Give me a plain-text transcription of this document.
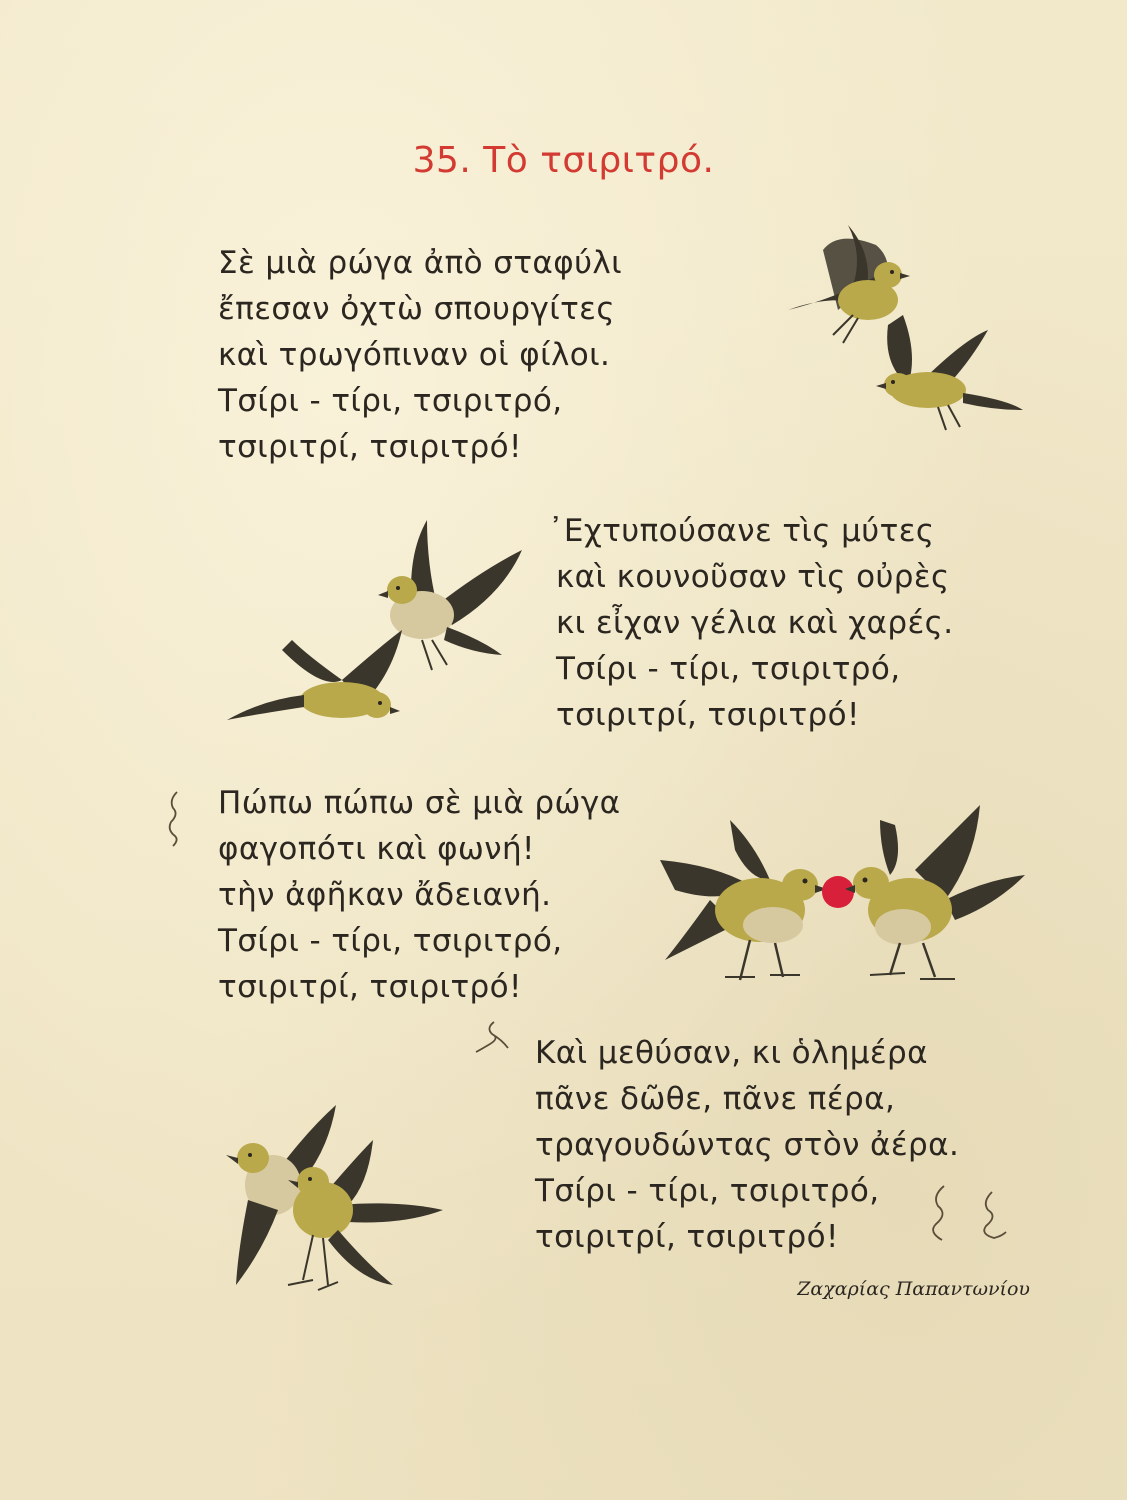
35. Τὸ τσιριτρό.
Σὲ μιὰ ρώγα ἀπὸ σταφύλι
ἔπεσαν ὀχτὼ σπουργίτες
καὶ τρωγόπιναν οἱ φίλοι.
Τσίρι - τίρι, τσιριτρό,
τσιριτρί, τσιριτρό!
᾿Εχτυπούσανε τὶς μύτες
καὶ κουνοῦσαν τὶς οὐρὲς
κι εἶχαν γέλια καὶ χαρές.
Τσίρι - τίρι, τσιριτρό,
τσιριτρί, τσιριτρό!
Πώπω πώπω σὲ μιὰ ρώγα
φαγοπότι καὶ φωνή!
τὴν ἀφῆκαν ἄδειανή.
Τσίρι - τίρι, τσιριτρό,
τσιριτρί, τσιριτρό!
Καὶ μεθύσαν, κι ὁλημέρα
πᾶνε δῶθε, πᾶνε πέρα,
τραγουδώντας στὸν ἀέρα.
Τσίρι - τίρι, τσιριτρό,
τσιριτρί, τσιριτρό!
Ζαχαρίας Παπαντωνίου
